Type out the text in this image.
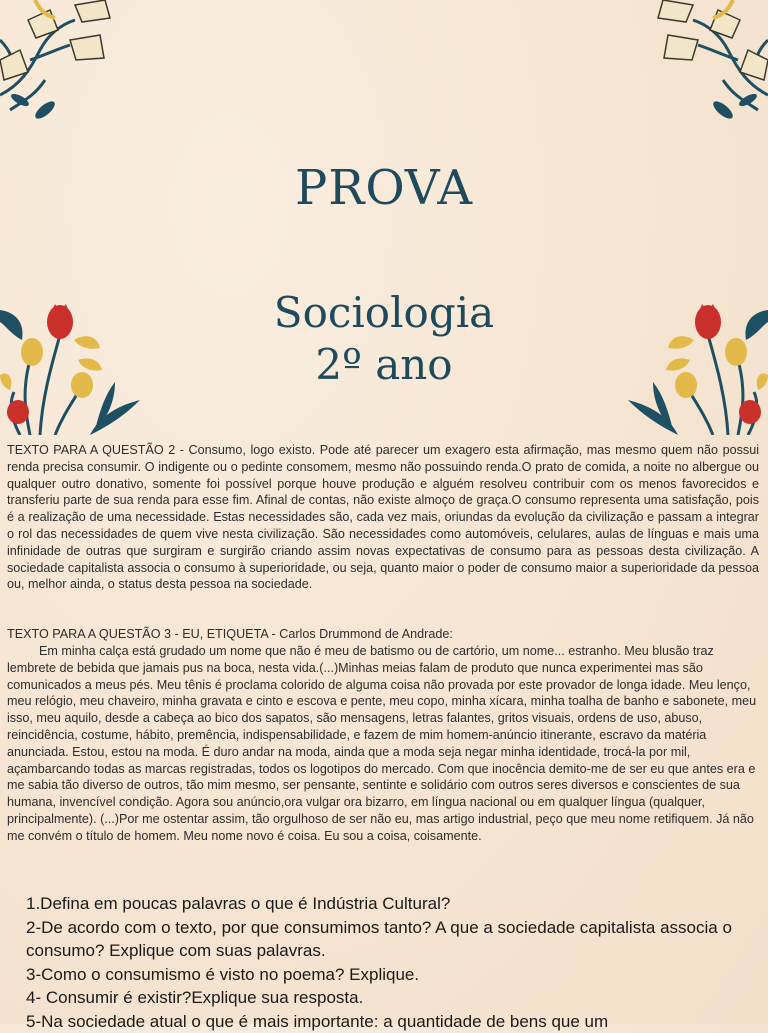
PROVA
Sociologia
2º ano
TEXTO PARA A QUESTÃO 2 - Consumo, logo existo. Pode até parecer um exagero esta afirmação, mas mesmo quem não possui renda precisa consumir. O indigente ou o pedinte consomem, mesmo não possuindo renda.O prato de comida, a noite no albergue ou qualquer outro donativo, somente foi possível porque houve produção e alguém resolveu contribuir com os menos favorecidos e transferiu parte de sua renda para esse fim. Afinal de contas, não existe almoço de graça.O consumo representa uma satisfação, pois é a realização de uma necessidade. Estas necessidades são, cada vez mais, oriundas da evolução da civilização e passam a integrar o rol das necessidades de quem vive nesta civilização. São necessidades como automóveis, celulares, aulas de línguas e mais uma infinidade de outras que surgiram e surgirão criando assim novas expectativas de consumo para as pessoas desta civilização. A sociedade capitalista associa o consumo à superioridade, ou seja, quanto maior o poder de consumo maior a superioridade da pessoa ou, melhor ainda, o status desta pessoa na sociedade.
TEXTO PARA A QUESTÃO 3 - EU, ETIQUETA - Carlos Drummond de Andrade:
Em minha calça está grudado um nome que não é meu de batismo ou de cartório, um nome... estranho. Meu blusão traz lembrete de bebida que jamais pus na boca, nesta vida.(...)Minhas meias falam de produto que nunca experimentei mas são comunicados a meus pés. Meu tênis é proclama colorido de alguma coisa não provada por este provador de longa idade. Meu lenço, meu relógio, meu chaveiro, minha gravata e cinto e escova e pente, meu copo, minha xícara, minha toalha de banho e sabonete, meu isso, meu aquilo, desde a cabeça ao bico dos sapatos, são mensagens, letras falantes, gritos visuais, ordens de uso, abuso, reincidência, costume, hábito, premência, indispensabilidade, e fazem de mim homem-anúncio itinerante, escravo da matéria anunciada. Estou, estou na moda. É duro andar na moda, ainda que a moda seja negar minha identidade, trocá-la por mil, açambarcando todas as marcas registradas, todos os logotipos do mercado. Com que inocência demito-me de ser eu que antes era e me sabia tão diverso de outros, tão mim mesmo, ser pensante, sentinte e solidário com outros seres diversos e conscientes de sua humana, invencível condição. Agora sou anúncio,ora vulgar ora bizarro, em língua nacional ou em qualquer língua (qualquer, principalmente). (...)Por me ostentar assim, tão orgulhoso de ser não eu, mas artigo industrial, peço que meu nome retifiquem. Já não me convém o título de homem. Meu nome novo é coisa. Eu sou a coisa, coisamente.

1.Defina em poucas palavras o que é Indústria Cultural?

2-De acordo com o texto, por que consumimos tanto? A que a sociedade capitalista associa o consumo? Explique com suas palavras.

3-Como o consumismo é visto no poema? Explique.

4- Consumir é existir?Explique sua resposta.

5-Na sociedade atual o que é mais importante: a quantidade de bens que um
